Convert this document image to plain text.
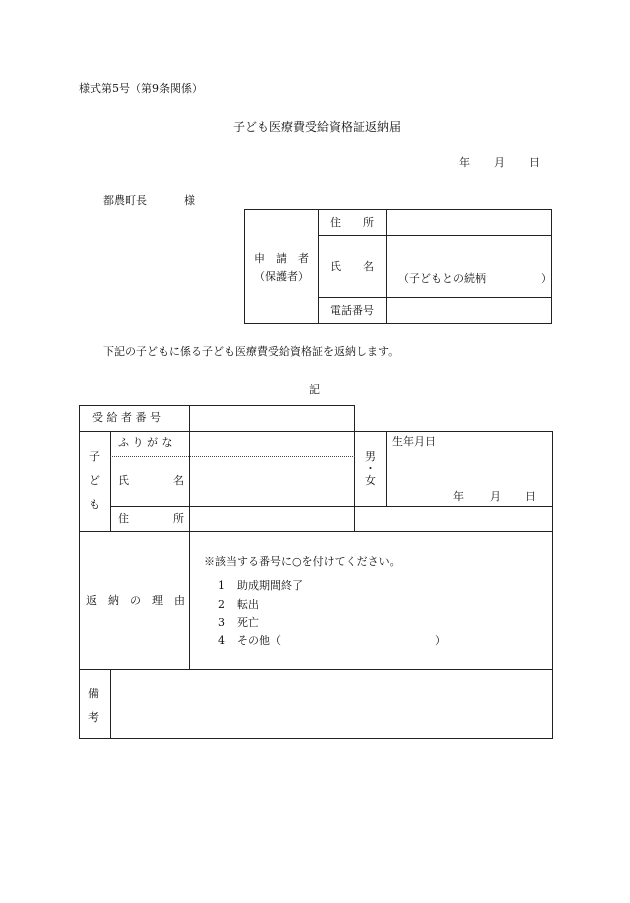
様式第5号（第9条関係）
子ども医療費受給資格証返納届
年 月 日
都農町長	様
申　請　者
（保護者）
住　　所
氏　　名
（子どもとの続柄　　　　　）
電話番号
下記の子どもに係る子ども医療費受給資格証を返納します。
記
受 給 者 番 号
子
ど
も
ふ り が な
氏　　　　名
住　　　　所
男
・
女
生年月日
年 月 日
返　納　の　理　由
※該当する番号に○を付けてください。
1 助成期間終了
2 転出
3 死亡
4 その他（　　　　　　　　　　　　　　）
備
考
